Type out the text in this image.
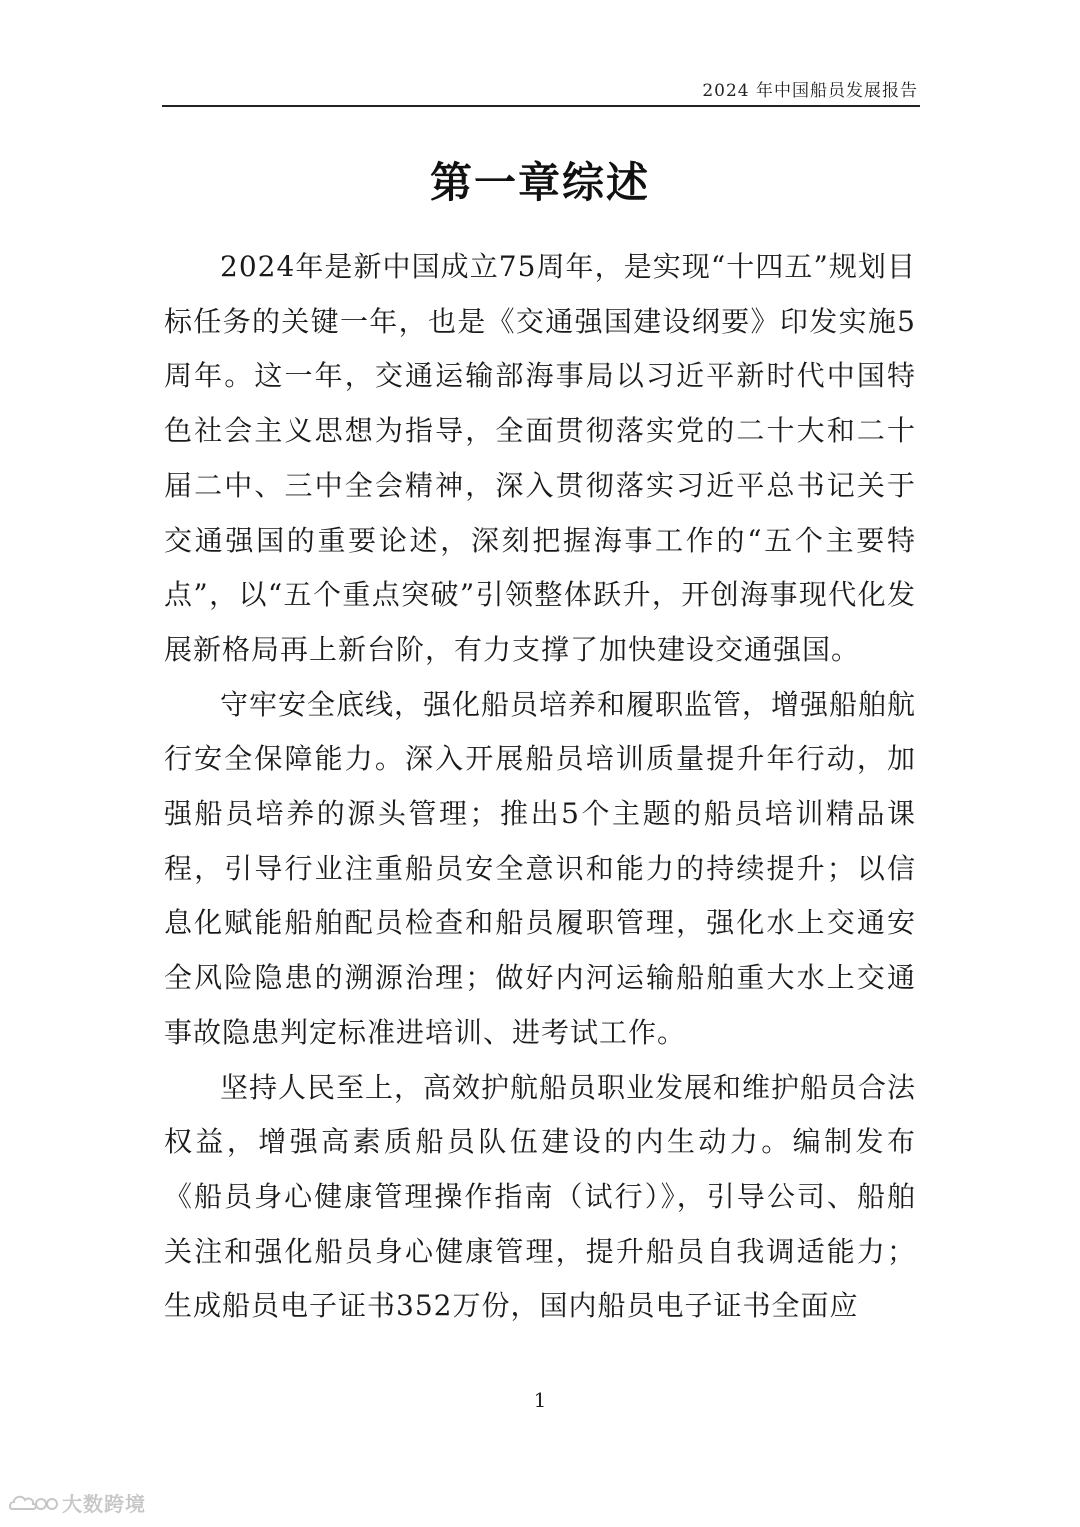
2024 年中国船员发展报告
第一章综述

2024年是新中国成立75周年，是实现“十四五”规划目标任务的关键一年，也是《交通强国建设纲要》印发实施5周年。这一年，交通运输部海事局以习近平新时代中国特色社会主义思想为指导，全面贯彻落实党的二十大和二十届二中、三中全会精神，深入贯彻落实习近平总书记关于交通强国的重要论述，深刻把握海事工作的“五个主要特点”，以“五个重点突破”引领整体跃升，开创海事现代化发展新格局再上新台阶，有力支撑了加快建设交通强国。

守牢安全底线，强化船员培养和履职监管，增强船舶航行安全保障能力。深入开展船员培训质量提升年行动，加强船员培养的源头管理；推出5个主题的船员培训精品课程，引导行业注重船员安全意识和能力的持续提升；以信息化赋能船舶配员检查和船员履职管理，强化水上交通安全风险隐患的溯源治理；做好内河运输船舶重大水上交通事故隐患判定标准进培训、进考试工作。

坚持人民至上，高效护航船员职业发展和维护船员合法权益，增强高素质船员队伍建设的内生动力。编制发布《船员身心健康管理操作指南（试行）》，引导公司、船舶关注和强化船员身心健康管理，提升船员自我调适能力；生成船员电子证书352万份，国内船员电子证书全面应

1
大数跨境
